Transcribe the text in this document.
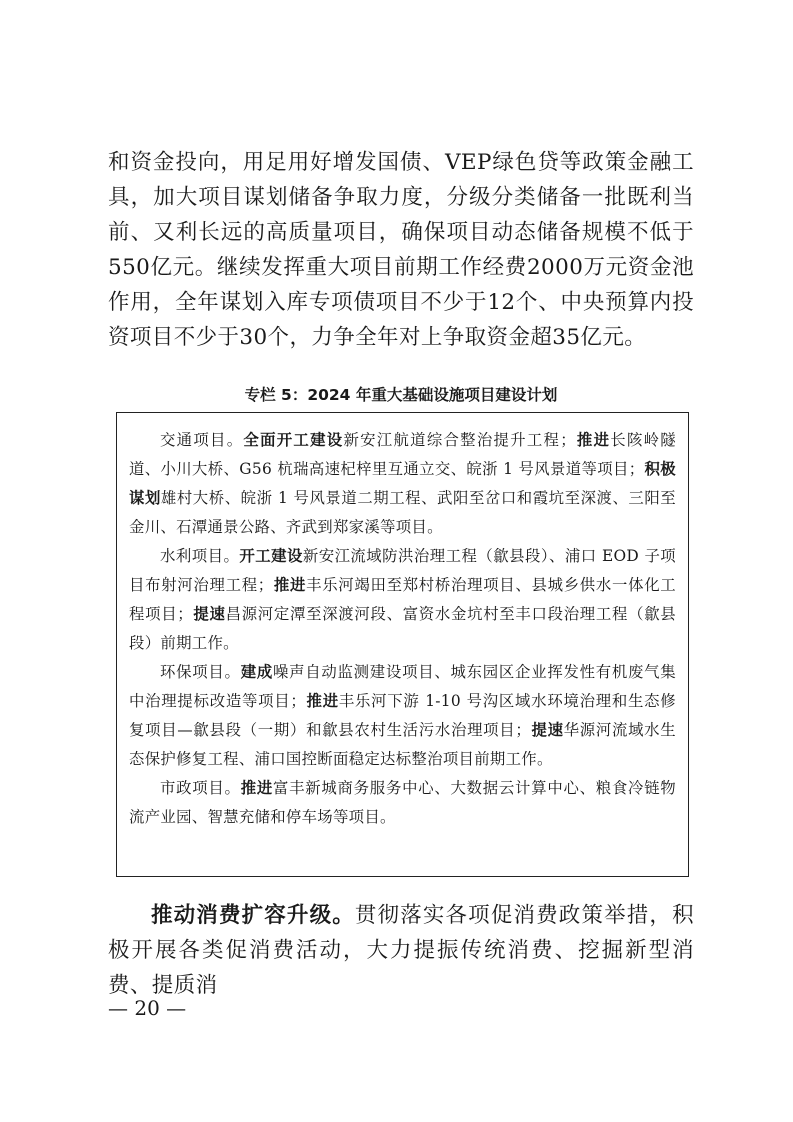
和资金投向，用足用好增发国债、VEP绿色贷等政策金融工具，加大项目谋划储备争取力度，分级分类储备一批既利当前、又利长远的高质量项目，确保项目动态储备规模不低于550亿元。继续发挥重大项目前期工作经费2000万元资金池作用，全年谋划入库专项债项目不少于12个、中央预算内投资项目不少于30个，力争全年对上争取资金超35亿元。

专栏 5：2024 年重大基础设施项目建设计划

交通项目。全面开工建设新安江航道综合整治提升工程；推进长陔岭隧道、小川大桥、G56 杭瑞高速杞梓里互通立交、皖浙 1 号风景道等项目；积极谋划雄村大桥、皖浙 1 号风景道二期工程、武阳至岔口和霞坑至深渡、三阳至金川、石潭通景公路、齐武到郑家溪等项目。

水利项目。开工建设新安江流域防洪治理工程（歙县段）、浦口 EOD 子项目布射河治理工程；推进丰乐河竭田至郑村桥治理项目、县城乡供水一体化工程项目；提速昌源河定潭至深渡河段、富资水金坑村至丰口段治理工程（歙县段）前期工作。

环保项目。建成噪声自动监测建设项目、城东园区企业挥发性有机废气集中治理提标改造等项目；推进丰乐河下游 1-10 号沟区域水环境治理和生态修复项目—歙县段（一期）和歙县农村生活污水治理项目；提速华源河流域水生态保护修复工程、浦口国控断面稳定达标整治项目前期工作。

市政项目。推进富丰新城商务服务中心、大数据云计算中心、粮食冷链物流产业园、智慧充储和停车场等项目。

推动消费扩容升级。贯彻落实各项促消费政策举措，积极开展各类促消费活动，大力提振传统消费、挖掘新型消费、提质消

— 20 —
